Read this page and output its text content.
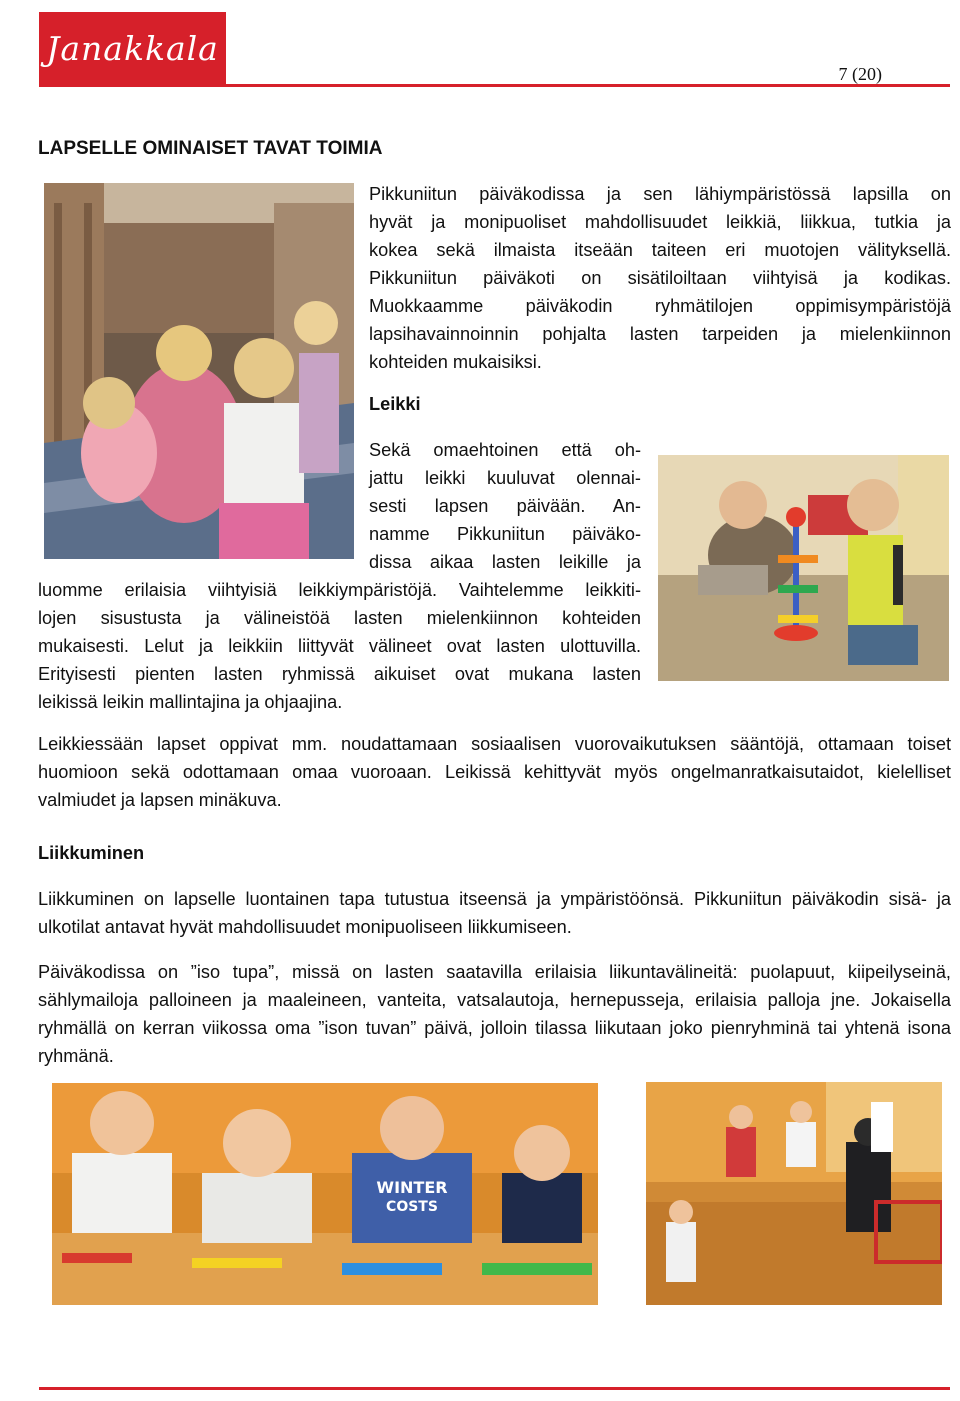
Janakkala
7 (20)
LAPSELLE OMINAISET TAVAT TOIMIA
Pikkuniitun päiväkodissa ja sen lähiympäristössä lapsilla on
hyvät ja monipuoliset mahdollisuudet leikkiä, liikkua, tutkia ja
kokea sekä ilmaista itseään taiteen eri muotojen välityksellä.
Pikkuniitun päiväkoti on sisätiloiltaan viihtyisä ja kodikas.
Muokkaamme päiväkodin ryhmätilojen oppimisympäristöjä
lapsihavainnoinnin pohjalta lasten tarpeiden ja mielenkiinnon
kohteiden mukaisiksi.
Leikki
Sekä omaehtoinen että oh-
jattu leikki kuuluvat olennai-
sesti lapsen päivään. An-
namme Pikkuniitun päiväko-
dissa aikaa lasten leikille ja
luomme erilaisia viihtyisiä leikkiympäristöjä. Vaihtelemme leikkiti-
lojen sisustusta ja välineistöä lasten mielenkiinnon kohteiden
mukaisesti. Lelut ja leikkiin liittyvät välineet ovat lasten ulottuvilla.
Erityisesti pienten lasten ryhmissä aikuiset ovat mukana lasten
leikissä leikin mallintajina ja ohjaajina.

Leikkiessään lapset oppivat mm. noudattamaan sosiaalisen vuorovaikutuksen sääntöjä, ottamaan toiset huomioon sekä odottamaan omaa vuoroaan. Leikissä kehittyvät myös ongelmanratkaisutaidot, kielelliset valmiudet ja lapsen minäkuva.

Liikkuminen

Liikkuminen on lapselle luontainen tapa tutustua itseensä ja ympäristöönsä. Pikkuniitun päiväkodin sisä- ja ulkotilat antavat hyvät mahdollisuudet monipuoliseen liikkumiseen.

Päiväkodissa on ”iso tupa”, missä on lasten saatavilla erilaisia liikuntavälineitä: puolapuut, kiipeilyseinä, sählymailoja palloineen ja maaleineen, vanteita, vatsalautoja, hernepusseja, erilaisia palloja jne. Jokaisella ryhmällä on kerran viikossa oma ”ison tuvan” päivä, jolloin tilassa liikutaan joko pienryhminä tai yhtenä isona ryhmänä.

WINTER
COSTS
